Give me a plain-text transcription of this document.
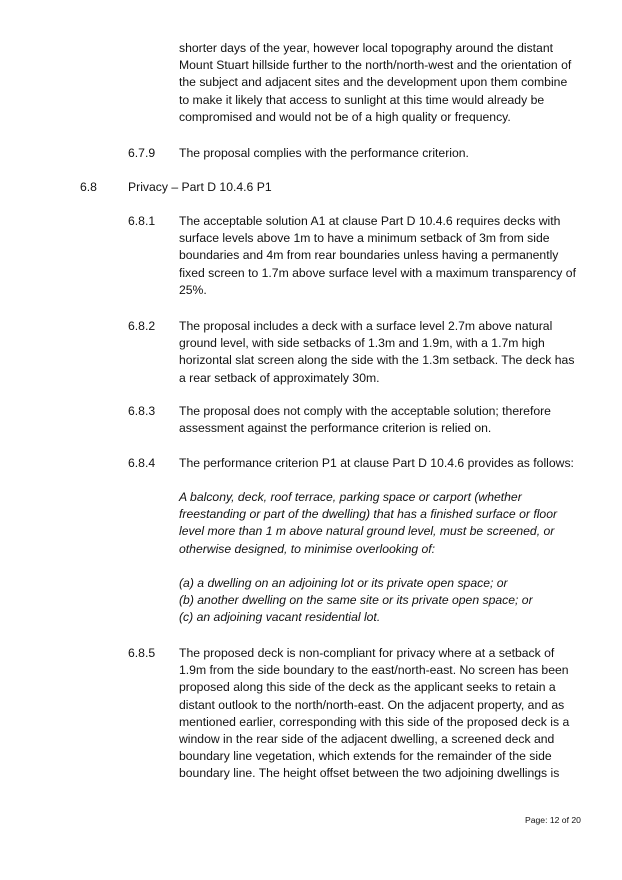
shorter days of the year, however local topography around the distant Mount Stuart hillside further to the north/north-west and the orientation of the subject and adjacent sites and the development upon them combine to make it likely that access to sunlight at this time would already be compromised and would not be of a high quality or frequency.

6.7.9 The proposal complies with the performance criterion.

6.8	Privacy – Part D 10.4.6 P1
6.8.1 The acceptable solution A1 at clause Part D 10.4.6 requires decks with surface levels above 1m to have a minimum setback of 3m from side boundaries and 4m from rear boundaries unless having a permanently fixed screen to 1.7m above surface level with a maximum transparency of 25%.

6.8.2 The proposal includes a deck with a surface level 2.7m above natural ground level, with side setbacks of 1.3m and 1.9m, with a 1.7m high horizontal slat screen along the side with the 1.3m setback. The deck has a rear setback of approximately 30m.

6.8.3 The proposal does not comply with the acceptable solution; therefore assessment against the performance criterion is relied on.

6.8.4 The performance criterion P1 at clause Part D 10.4.6 provides as follows:

A balcony, deck, roof terrace, parking space or carport (whether freestanding or part of the dwelling) that has a finished surface or floor level more than 1 m above natural ground level, must be screened, or otherwise designed, to minimise overlooking of:

(a) a dwelling on an adjoining lot or its private open space; or
(b) another dwelling on the same site or its private open space; or
(c) an adjoining vacant residential lot.
6.8.5 The proposed deck is non-compliant for privacy where at a setback of 1.9m from the side boundary to the east/north-east. No screen has been proposed along this side of the deck as the applicant seeks to retain a distant outlook to the north/north-east. On the adjacent property, and as mentioned earlier, corresponding with this side of the proposed deck is a window in the rear side of the adjacent dwelling, a screened deck and boundary line vegetation, which extends for the remainder of the side boundary line. The height offset between the two adjoining dwellings is

Page: 12 of 20
